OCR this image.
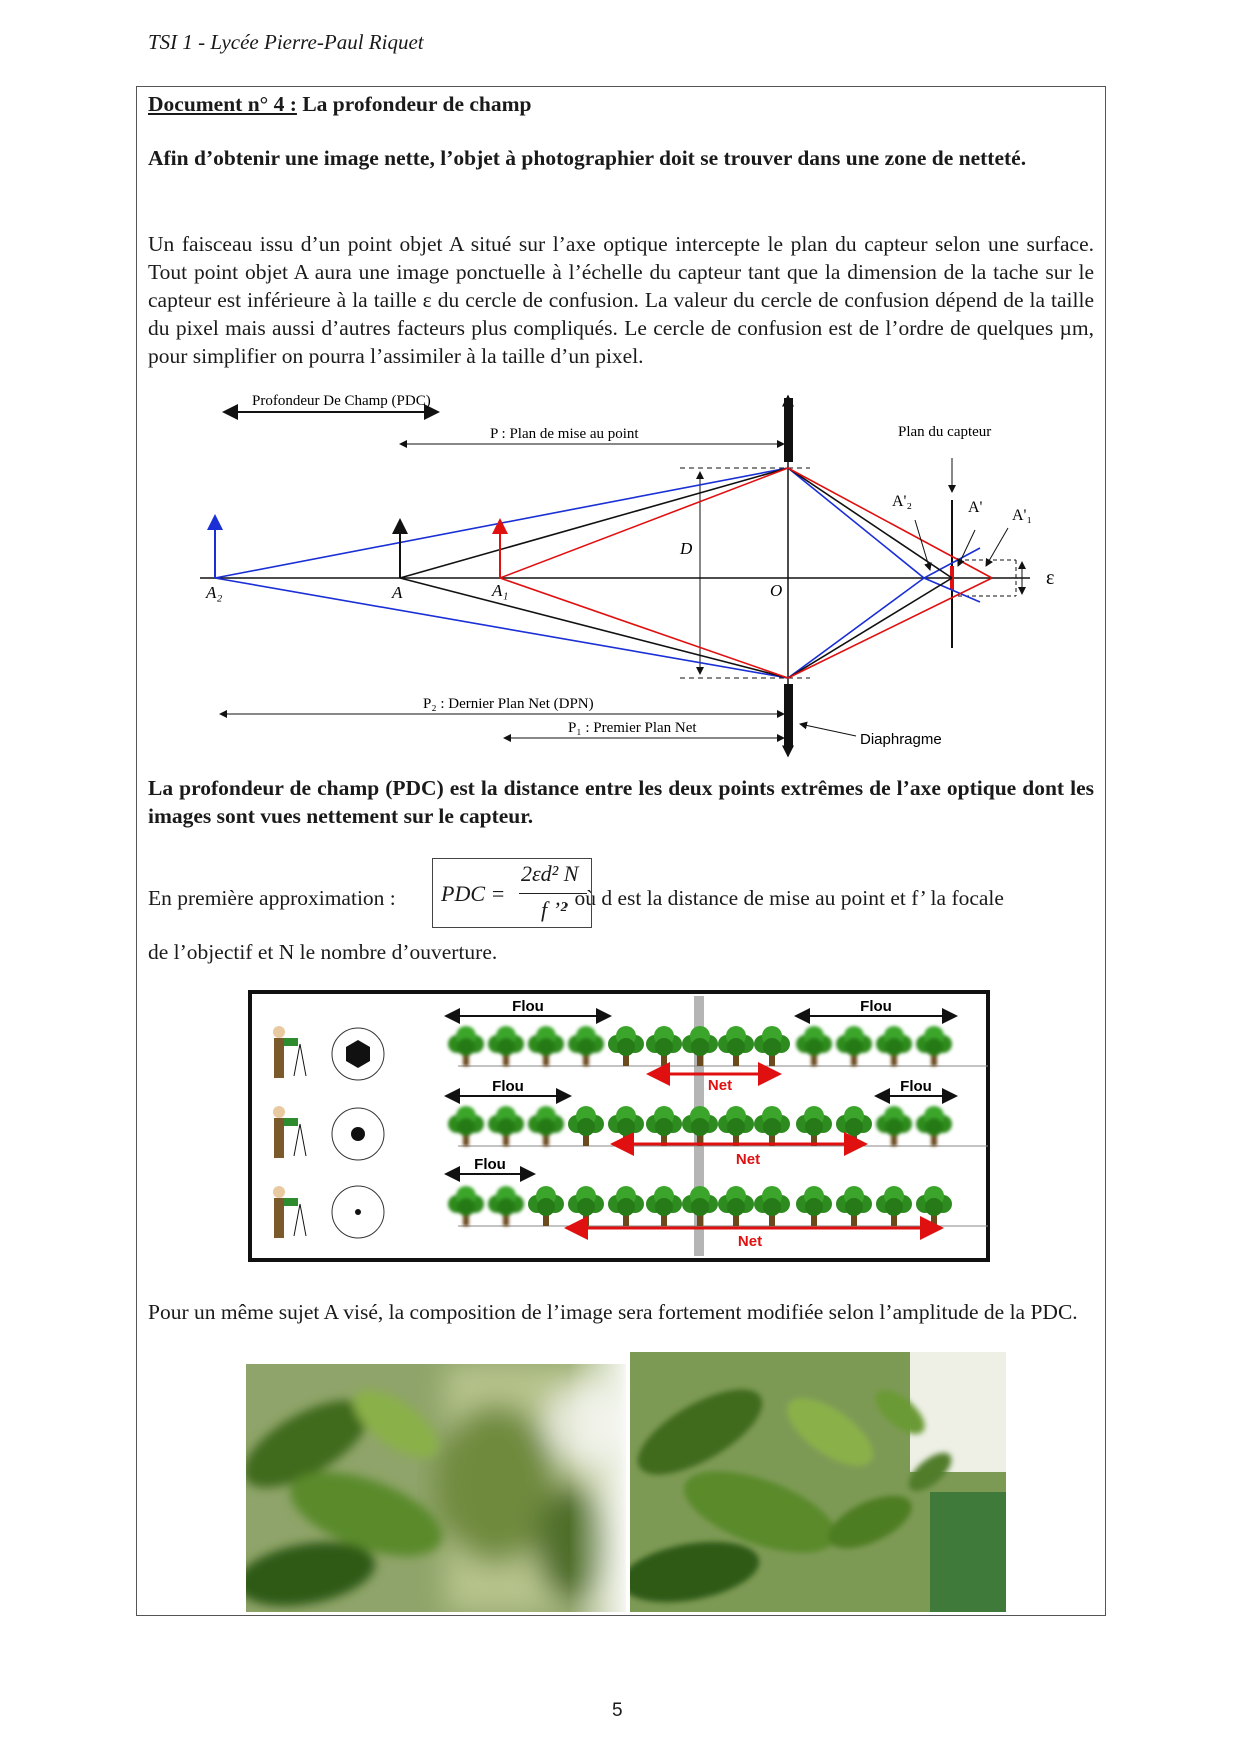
TSI 1 - Lycée Pierre-Paul Riquet
Document n° 4 : La profondeur de champ
Afin d’obtenir une image nette, l’objet à photographier doit se trouver dans une zone de netteté.
Un faisceau issu d’un point objet A situé sur l’axe optique intercepte le plan du capteur selon une surface. Tout point objet A aura une image ponctuelle à l’échelle du capteur tant que la dimension de la tache sur le capteur est inférieure à la taille ε du cercle de confusion. La valeur du cercle de confusion dépend de la taille du pixel mais aussi d’autres facteurs plus compliqués. Le cercle de confusion est de l’ordre de quelques µm, pour simplifier on pourra l’assimiler à la taille d’un pixel.
Profondeur De Champ (PDC)
P : Plan de mise au point	Plan du capteur
P₂ : Dernier Plan Net (DPN)
P₁ : Premier Plan Net
Diaphragme
A₂	A	A₁	O
D
A'₂	A' A'₁
ε
La profondeur de champ (PDC) est la distance entre les deux points extrêmes de l’axe optique dont les images sont vues nettement sur le capteur.
En première approximation :	, où d est la distance de mise au point et f’ la focale
PDC =
2εd² N
f ’²
de l’objectif et N le nombre d’ouverture.
Flou	Flou
Flou	Flou
Flou
Net
Net
Net
Pour un même sujet A visé, la composition de l’image sera fortement modifiée selon l’amplitude de la PDC.
5
